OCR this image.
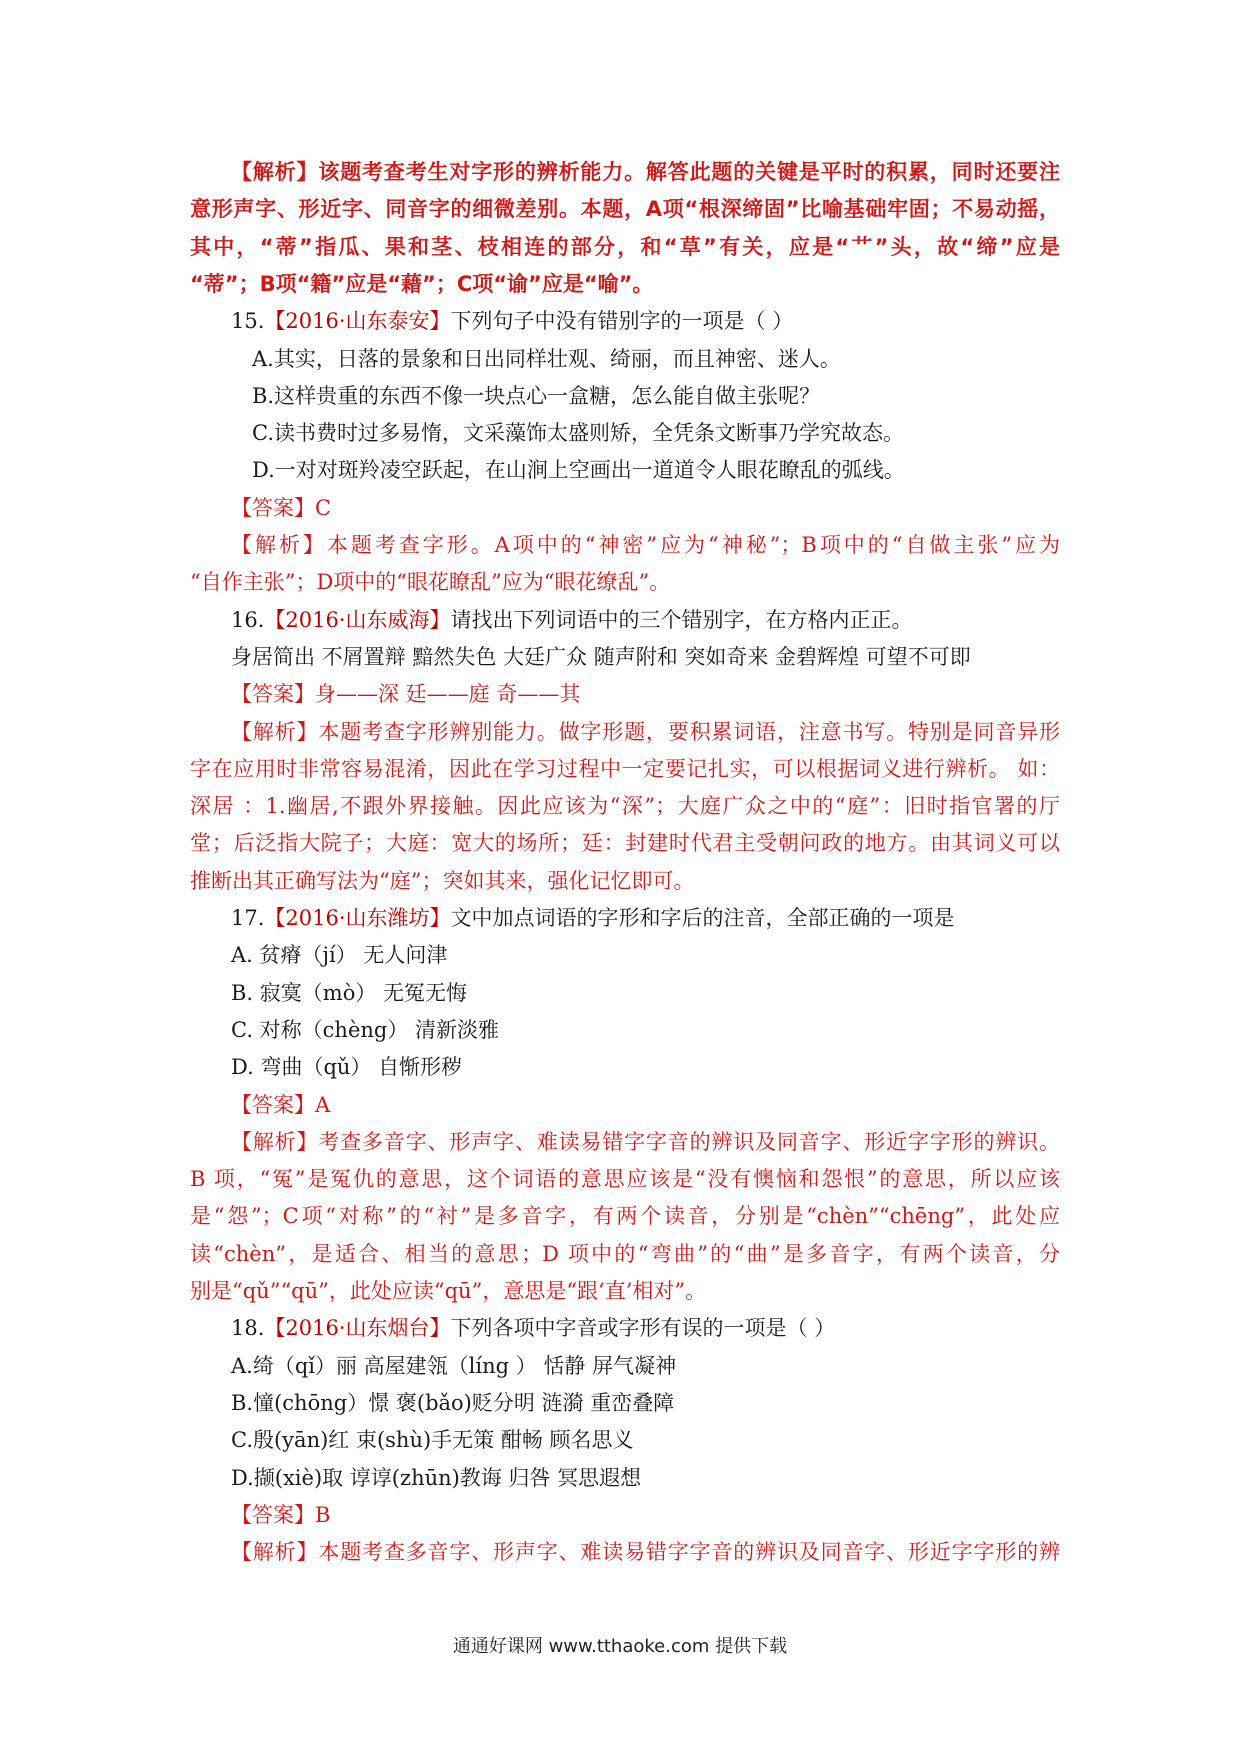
【解析】该题考查考生对字形的辨析能力。解答此题的关键是平时的积累，同时还要注
意形声字、形近字、同音字的细微差别。本题，A项“根深缔固”比喻基础牢固；不易动摇，
其中，“蒂”指瓜、果和茎、枝相连的部分，和“草”有关，应是“艹”头，故“缔”应是
“蒂”；B项“籍”应是“藉”；C项“谕”应是“喻”。
15.【2016·山东泰安】下列句子中没有错别字的一项是（ ）
A.其实，日落的景象和日出同样壮观、绮丽，而且神密、迷人。
B.这样贵重的东西不像一块点心一盒糖，怎么能自做主张呢？
C.读书费时过多易惰，文采藻饰太盛则矫，全凭条文断事乃学究故态。
D.一对对斑羚凌空跃起，在山涧上空画出一道道令人眼花瞭乱的弧线。
【答案】C
【解析】本题考查字形。A项中的“神密”应为“神秘”；B项中的“自做主张”应为
“自作主张”；D项中的“眼花瞭乱”应为“眼花缭乱”。
16.【2016·山东威海】请找出下列词语中的三个错别字，在方格内正正。
身居简出 不屑置辩 黯然失色 大廷广众 随声附和 突如奇来 金碧辉煌 可望不可即
【答案】身——深 廷——庭 奇——其
【解析】本题考查字形辨别能力。做字形题，要积累词语，注意书写。特别是同音异形
字在应用时非常容易混淆，因此在学习过程中一定要记扎实，可以根据词义进行辨析。 如：
深居 ：1.幽居,不跟外界接触。因此应该为“深”；大庭广众之中的“庭”：旧时指官署的厅
堂；后泛指大院子；大庭：宽大的场所；廷：封建时代君主受朝问政的地方。由其词义可以
推断出其正确写法为“庭”；突如其来，强化记忆即可。
17.【2016·山东潍坊】文中加点词语的字形和字后的注音，全部正确的一项是
A. 贫瘠（jí） 无人问津
B. 寂寞（mò） 无冤无悔
C. 对称（chèng） 清新淡雅
D. 弯曲（qǔ） 自惭形秽
【答案】A
【解析】考查多音字、形声字、难读易错字字音的辨识及同音字、形近字字形的辨识。
B 项，“冤”是冤仇的意思，这个词语的意思应该是“没有懊恼和怨恨”的意思，所以应该
是“怨”；C项“对称”的“衬”是多音字，有两个读音，分别是“chèn”“chēng”，此处应
读“chèn”，是适合、相当的意思；D 项中的“弯曲”的“曲”是多音字，有两个读音，分
别是“qǔ”“qū”，此处应读“qū”，意思是“跟‘直’相对”。
18.【2016·山东烟台】下列各项中字音或字形有误的一项是（ ）
A.绮（qǐ）丽 高屋建瓴（líng ） 恬静 屏气凝神
B.憧(chōng）憬 褒(bǎo)贬分明 涟漪 重峦叠障
C.殷(yān)红 束(shù)手无策 酣畅 顾名思义
D.撷(xiè)取 谆谆(zhūn)教诲 归咎 冥思遐想
【答案】B
【解析】本题考查多音字、形声字、难读易错字字音的辨识及同音字、形近字字形的辨
通通好课网 www.tthaoke.com 提供下载
